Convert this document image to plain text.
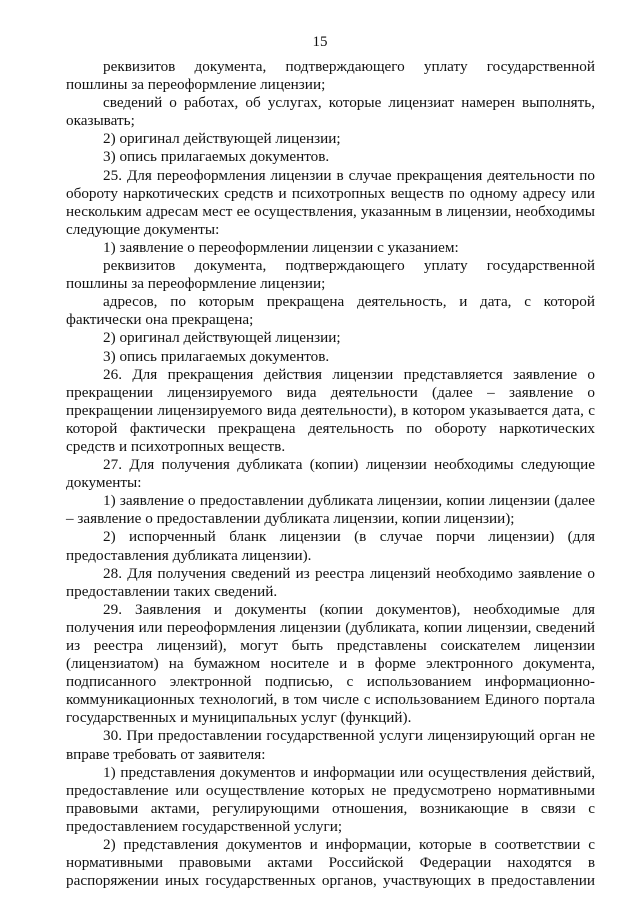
15

реквизитов документа, подтверждающего уплату государственной пошлины за переоформление лицензии;

сведений о работах, об услугах, которые лицензиат намерен выполнять, оказывать;

2) оригинал действующей лицензии;

3) опись прилагаемых документов.

25. Для переоформления лицензии в случае прекращения деятельности по обороту наркотических средств и психотропных веществ по одному адресу или нескольким адресам мест ее осуществления, указанным в лицензии, необходимы следующие документы:

1) заявление о переоформлении лицензии с указанием:

реквизитов документа, подтверждающего уплату государственной пошлины за переоформление лицензии;

адресов, по которым прекращена деятельность, и дата, с которой фактически она прекращена;

2) оригинал действующей лицензии;

3) опись прилагаемых документов.

26. Для прекращения действия лицензии представляется заявление о прекращении лицензируемого вида деятельности (далее – заявление о прекращении лицензируемого вида деятельности), в котором указывается дата, с которой фактически прекращена деятельность по обороту наркотических средств и психотропных веществ.

27. Для получения дубликата (копии) лицензии необходимы следующие документы:

1) заявление о предоставлении дубликата лицензии, копии лицензии (далее – заявление о предоставлении дубликата лицензии, копии лицензии);

2) испорченный бланк лицензии (в случае порчи лицензии) (для предоставления дубликата лицензии).

28. Для получения сведений из реестра лицензий необходимо заявление о предоставлении таких сведений.

29. Заявления и документы (копии документов), необходимые для получения или переоформления лицензии (дубликата, копии лицензии, сведений из реестра лицензий), могут быть представлены соискателем лицензии (лицензиатом) на бумажном носителе и в форме электронного документа, подписанного электронной подписью, с использованием информационно-коммуникационных технологий, в том числе с использованием Единого портала государственных и муниципальных услуг (функций).

30. При предоставлении государственной услуги лицензирующий орган не вправе требовать от заявителя:

1) представления документов и информации или осуществления действий, предоставление или осуществление которых не предусмотрено нормативными правовыми актами, регулирующими отношения, возникающие в связи с предоставлением государственной услуги;

2) представления документов и информации, которые в соответствии с нормативными правовыми актами Российской Федерации находятся в распоряжении иных государственных органов, участвующих в предоставлении
